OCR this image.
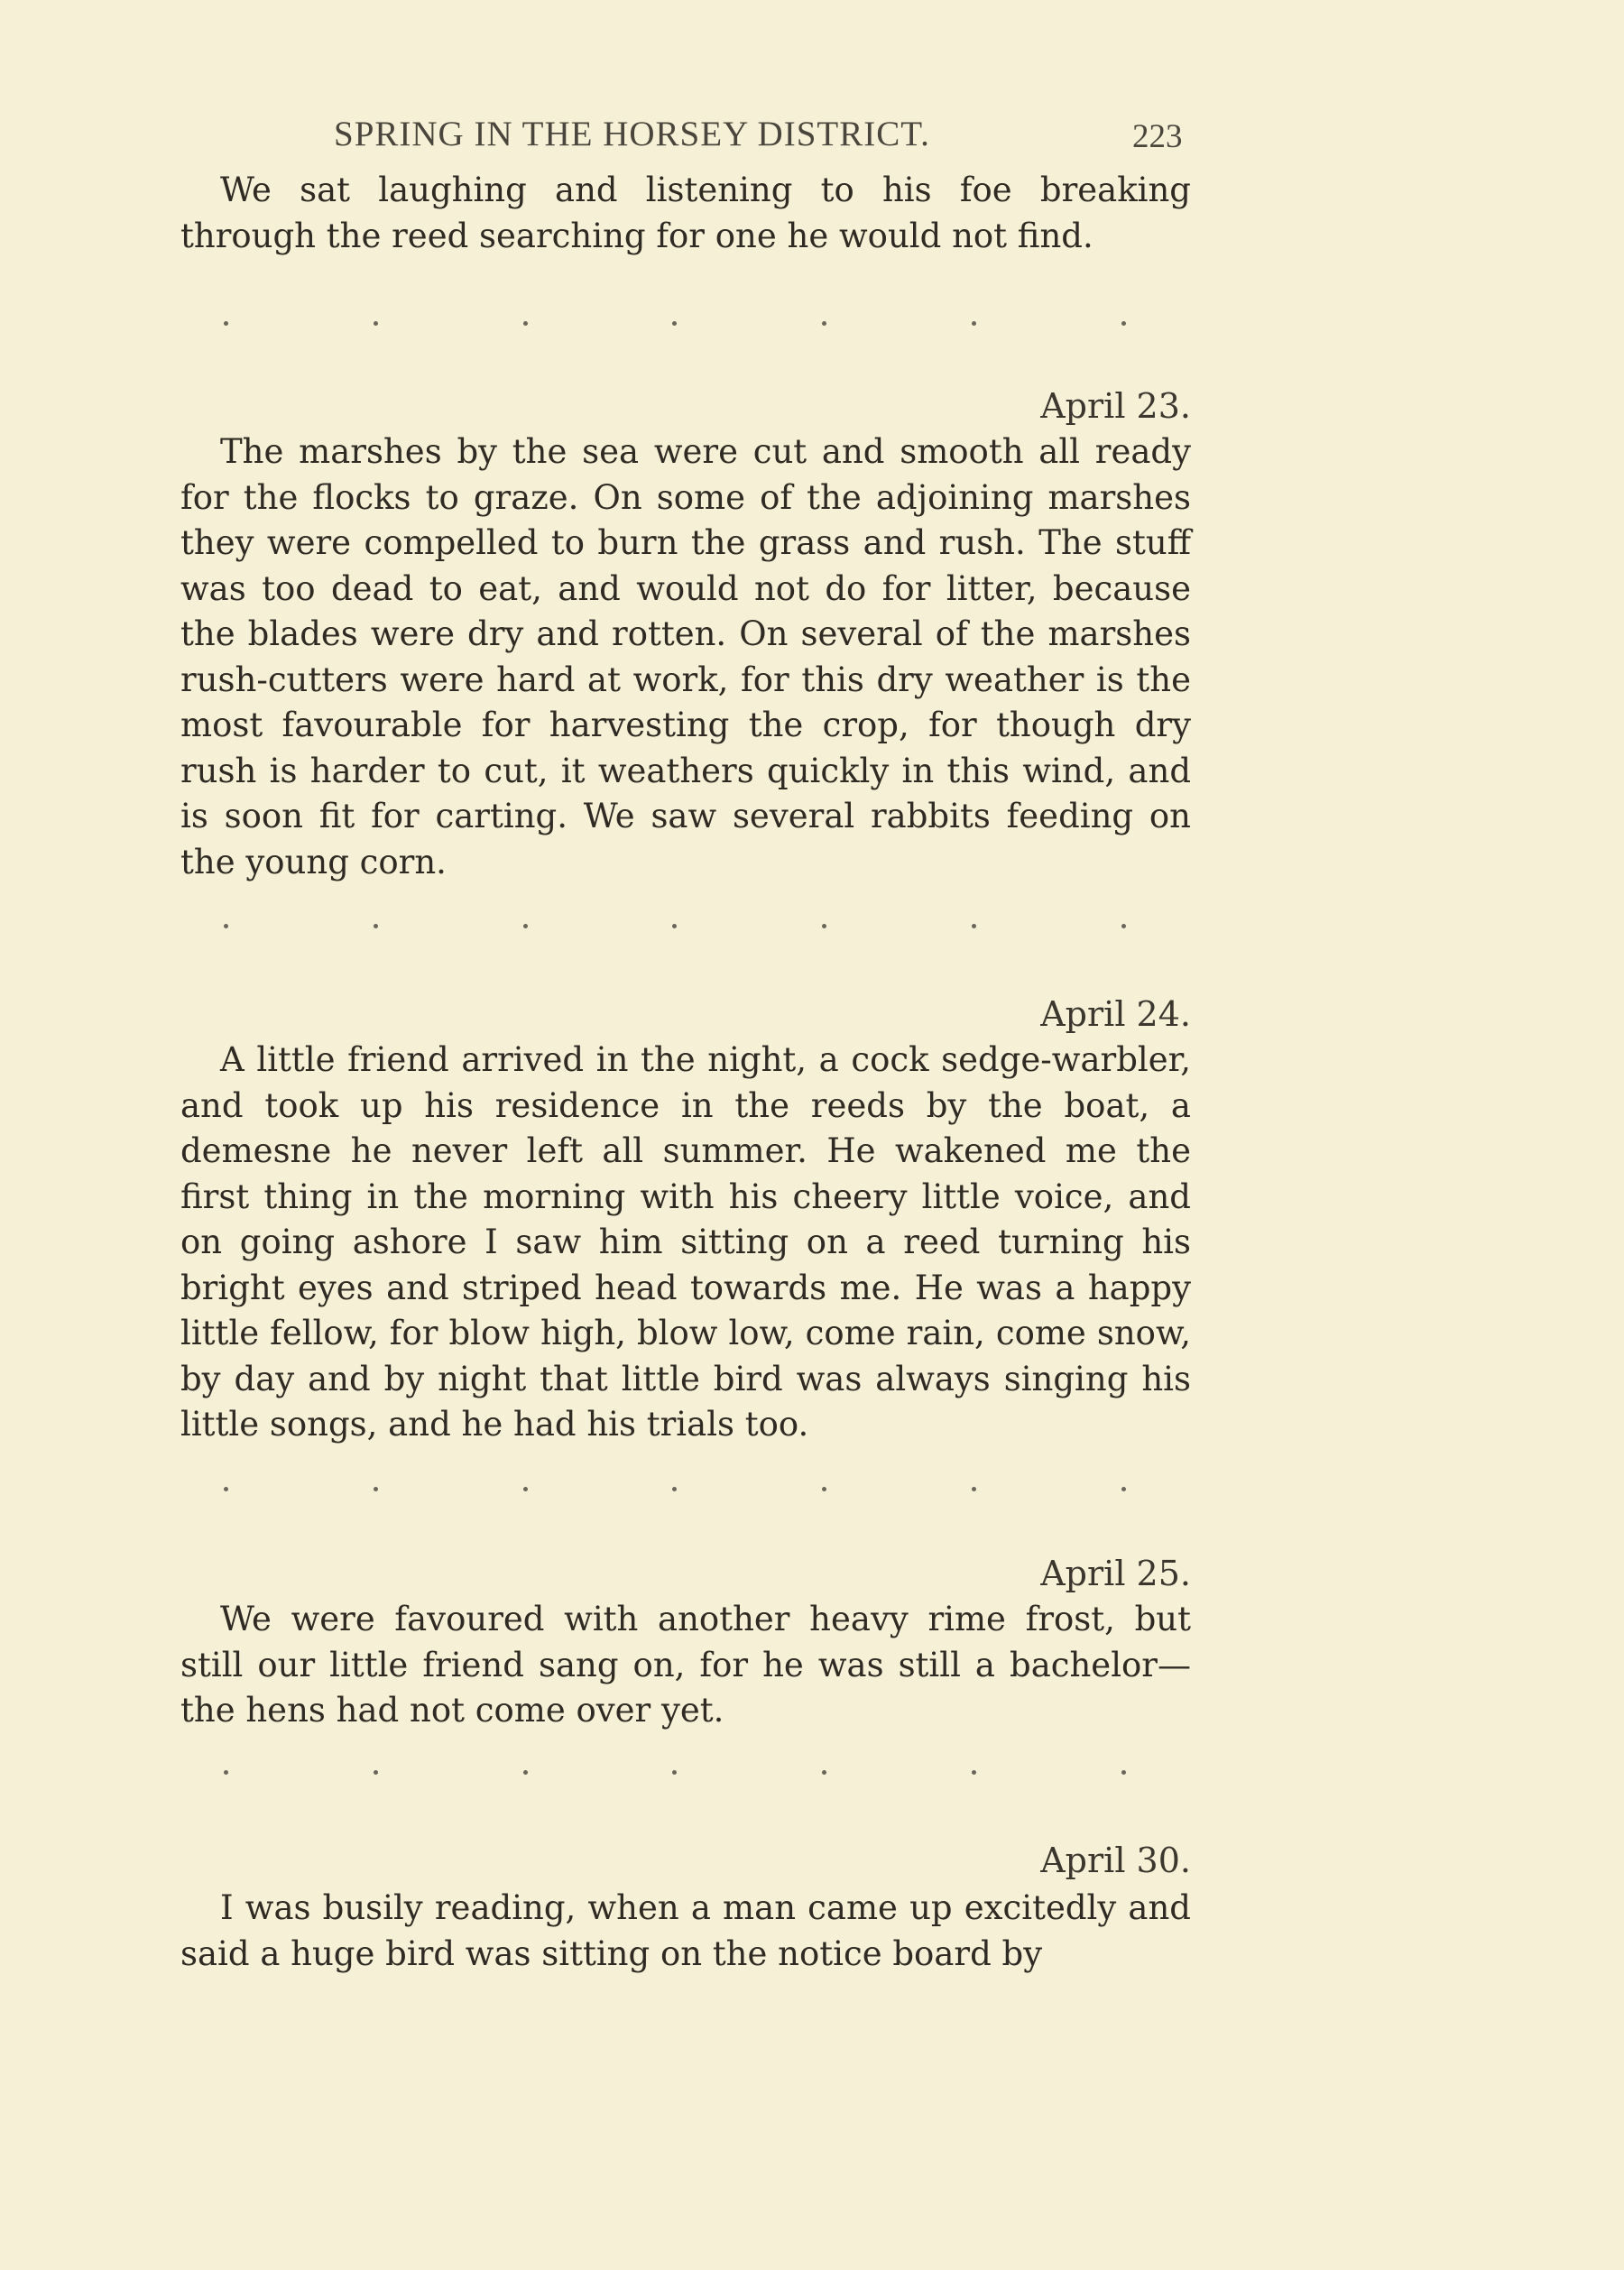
SPRING IN THE HORSEY DISTRICT.	223

We sat laughing and listening to his foe breaking through the reed searching for one he would not find.

April 23.

The marshes by the sea were cut and smooth all ready for the flocks to graze. On some of the adjoining marshes they were compelled to burn the grass and rush. The stuff was too dead to eat, and would not do for litter, because the blades were dry and rotten. On several of the marshes rush-cutters were hard at work, for this dry weather is the most favourable for harvesting the crop, for though dry rush is harder to cut, it weathers quickly in this wind, and is soon fit for carting. We saw several rabbits feeding on the young corn.

April 24.

A little friend arrived in the night, a cock sedge-warbler, and took up his residence in the reeds by the boat, a demesne he never left all summer. He wakened me the first thing in the morning with his cheery little voice, and on going ashore I saw him sitting on a reed turning his bright eyes and striped head towards me. He was a happy little fellow, for blow high, blow low, come rain, come snow, by day and by night that little bird was always singing his little songs, and he had his trials too.

April 25.

We were favoured with another heavy rime frost, but still our little friend sang on, for he was still a bachelor— the hens had not come over yet.

April 30.

I was busily reading, when a man came up excitedly and said a huge bird was sitting on the notice board by
